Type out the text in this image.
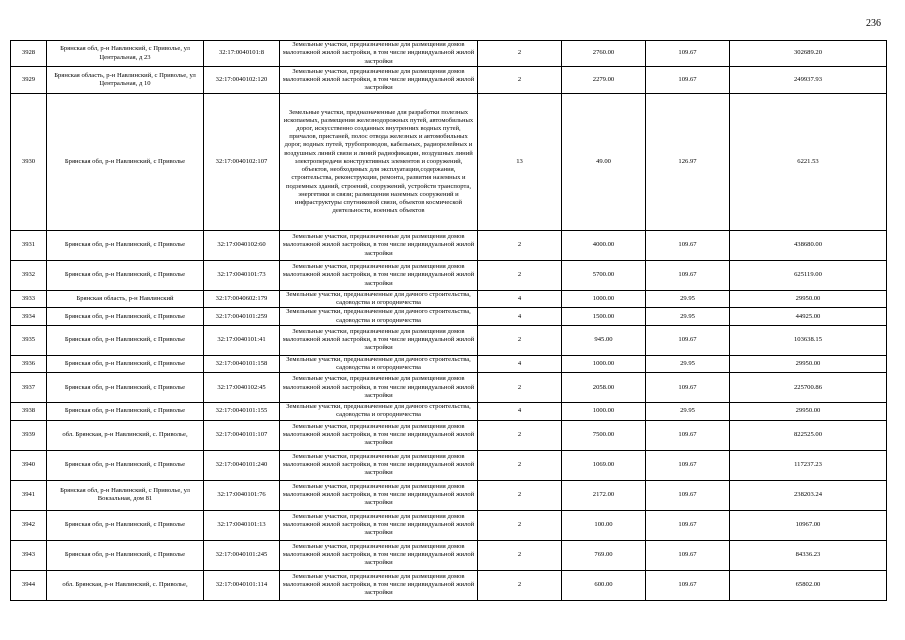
236
3928	Брянская обл, р-н Навлинский, с Приволье, ул Центральная, д 23	32:17:0040101:8	Земельные участки, предназначенные для размещения домов малоэтажной жилой застройки, в том числе индивидуальной жилой застройки	2	2760.00	109.67	302689.20
3929	Брянская область, р-н Навлинский, с Приволье, ул Центральная, д 10	32:17:0040102:120	Земельные участки, предназначенные для размещения домов малоэтажной жилой застройки, в том числе индивидуальной жилой застройки	2	2279.00	109.67	249937.93
3930	Брянская обл, р-н Навлинский, с Приволье	32:17:0040102:107	Земельные участки, предназначенные для разработки полезных ископаемых, размещения железнодорожных путей, автомобильных дорог, искусственно созданных внутренних водных путей, причалов, пристаней, полос отвода железных и автомобильных дорог, водных путей, трубопроводов, кабельных, радиорелейных и воздушных линий связи и линий радиофикации, воздушных линий электропередачи конструктивных элементов и сооружений, объектов, необходимых для эксплуатации,содержания, строительства, реконструкции, ремонта, развития наземных и подземных зданий, строений, сооружений, устройств транспорта, энергетики и связи; размещения наземных сооружений и инфраструктуры спутниковой связи, объектов космической деятельности, военных объектов	13	49.00	126.97	6221.53
3931	Брянская обл, р-н Навлинский, с Приволье	32:17:0040102:60	Земельные участки, предназначенные для размещения домов малоэтажной жилой застройки, в том числе индивидуальной жилой застройки	2	4000.00	109.67	438680.00
3932	Брянская обл, р-н Навлинский, с Приволье	32:17:0040101:73	Земельные участки, предназначенные для размещения домов малоэтажной жилой застройки, в том числе индивидуальной жилой застройки	2	5700.00	109.67	625119.00
3933	Брянская область, р-н Навлинский	32:17:0040602:179	Земельные участки, предназначенные для дачного строительства, садоводства и огородничества	4	1000.00	29.95	29950.00
3934	Брянская обл, р-н Навлинский, с Приволье	32:17:0040101:259	Земельные участки, предназначенные для дачного строительства, садоводства и огородничества	4	1500.00	29.95	44925.00
3935	Брянская обл, р-н Навлинский, с Приволье	32:17:0040101:41	Земельные участки, предназначенные для размещения домов малоэтажной жилой застройки, в том числе индивидуальной жилой застройки	2	945.00	109.67	103638.15
3936	Брянская обл, р-н Навлинский, с Приволье	32:17:0040101:158	Земельные участки, предназначенные для дачного строительства, садоводства и огородничества	4	1000.00	29.95	29950.00
3937	Брянская обл, р-н Навлинский, с Приволье	32:17:0040102:45	Земельные участки, предназначенные для размещения домов малоэтажной жилой застройки, в том числе индивидуальной жилой застройки	2	2058.00	109.67	225700.86
3938	Брянская обл, р-н Навлинский, с Приволье	32:17:0040101:155	Земельные участки, предназначенные для дачного строительства, садоводства и огородничества	4	1000.00	29.95	29950.00
3939	обл. Брянская, р-н Навлинский, с. Приволье,	32:17:0040101:107	Земельные участки, предназначенные для размещения домов малоэтажной жилой застройки, в том числе индивидуальной жилой застройки	2	7500.00	109.67	822525.00
3940	Брянская обл, р-н Навлинский, с Приволье	32:17:0040101:240	Земельные участки, предназначенные для размещения домов малоэтажной жилой застройки, в том числе индивидуальной жилой застройки	2	1069.00	109.67	117237.23
3941	Брянская обл, р-н Навлинский, с Приволье, ул Вокзальная, дом 81	32:17:0040101:76	Земельные участки, предназначенные для размещения домов малоэтажной жилой застройки, в том числе индивидуальной жилой застройки	2	2172.00	109.67	238203.24
3942	Брянская обл, р-н Навлинский, с Приволье	32:17:0040101:13	Земельные участки, предназначенные для размещения домов малоэтажной жилой застройки, в том числе индивидуальной жилой застройки	2	100.00	109.67	10967.00
3943	Брянская обл, р-н Навлинский, с Приволье	32:17:0040101:245	Земельные участки, предназначенные для размещения домов малоэтажной жилой застройки, в том числе индивидуальной жилой застройки	2	769.00	109.67	84336.23
3944	обл. Брянская, р-н Навлинский, с. Приволье,	32:17:0040101:114	Земельные участки, предназначенные для размещения домов малоэтажной жилой застройки, в том числе индивидуальной жилой застройки	2	600.00	109.67	65802.00
